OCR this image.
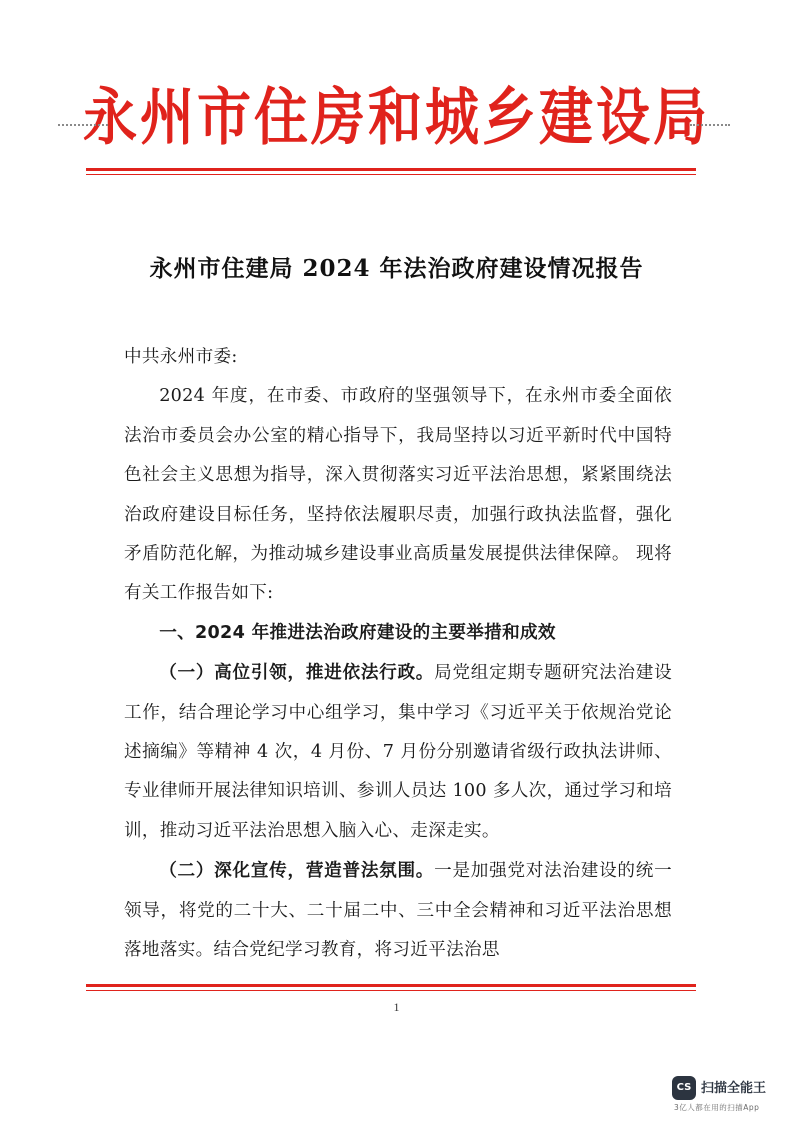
永州市住房和城乡建设局
永州市住建局 2024 年法治政府建设情况报告

中共永州市委:

2024 年度，在市委、市政府的坚强领导下，在永州市委全面依法治市委员会办公室的精心指导下，我局坚持以习近平新时代中国特色社会主义思想为指导，深入贯彻落实习近平法治思想，紧紧围绕法治政府建设目标任务，坚持依法履职尽责，加强行政执法监督，强化矛盾防范化解，为推动城乡建设事业高质量发展提供法律保障。 现将有关工作报告如下:

一、2024 年推进法治政府建设的主要举措和成效

（一）高位引领，推进依法行政。局党组定期专题研究法治建设工作，结合理论学习中心组学习，集中学习《习近平关于依规治党论述摘编》等精神 4 次，4 月份、7 月份分别邀请省级行政执法讲师、专业律师开展法律知识培训、参训人员达 100 多人次，通过学习和培训，推动习近平法治思想入脑入心、走深走实。

（二）深化宣传，营造普法氛围。一是加强党对法治建设的统一领导，将党的二十大、二十届二中、三中全会精神和习近平法治思想落地落实。结合党纪学习教育，将习近平法治思

1
CS 扫描全能王
3亿人都在用的扫描App
